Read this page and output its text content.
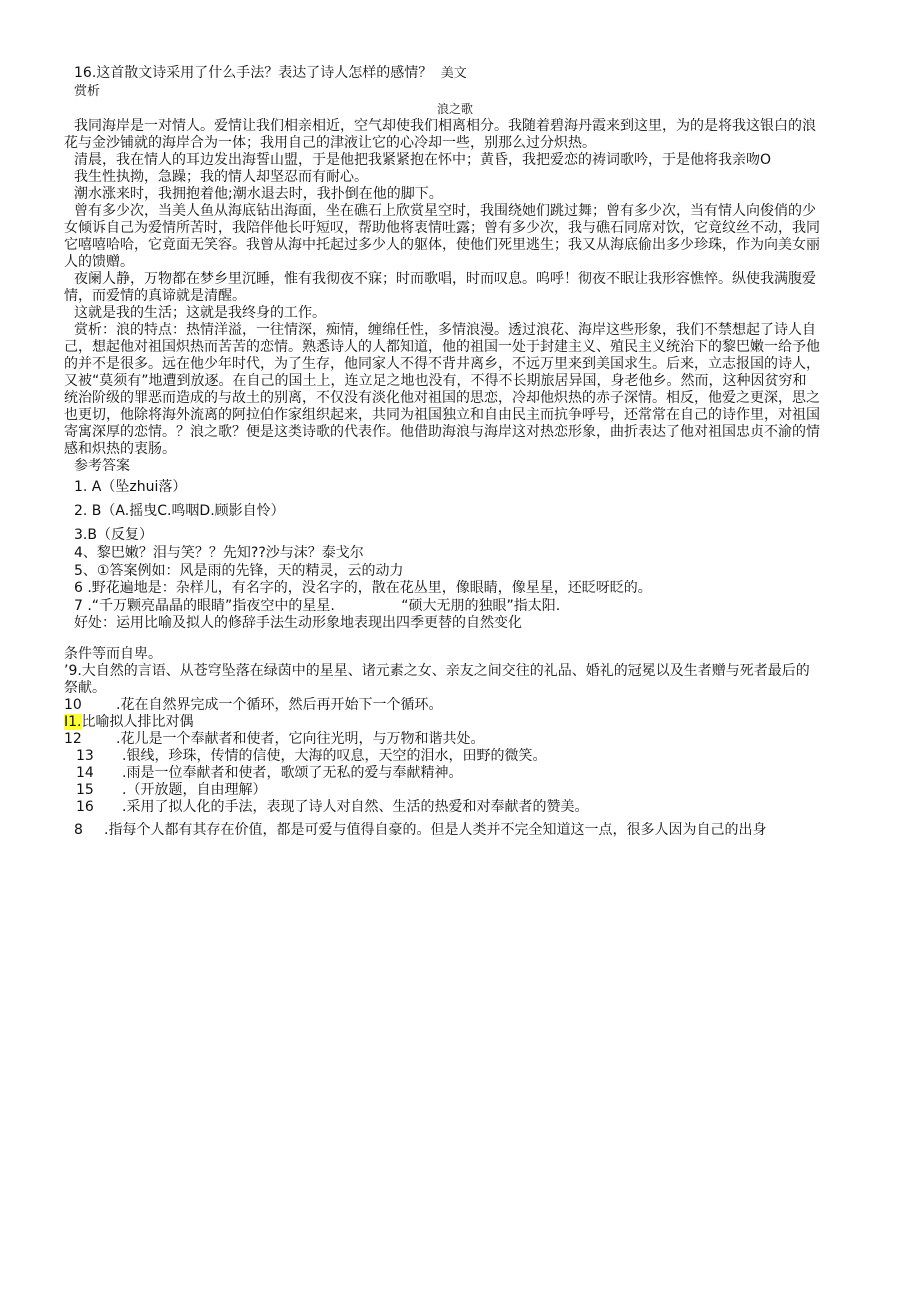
16.这首散文诗采用了什么手法？表达了诗人怎样的感情？ 美文
赏析
浪之歌
我同海岸是一对情人。爱情让我们相亲相近，空气却使我们相离相分。我随着碧海丹霞来到这里，为的是将我这银白的浪
花与金沙铺就的海岸合为一体；我用自己的津液让它的心冷却一些，别那么过分炽热。
清晨，我在情人的耳边发出海誓山盟，于是他把我紧紧抱在怀中；黄昏，我把爱恋的祷词歌吟，于是他将我亲吻O
我生性执拗，急躁；我的情人却坚忍而有耐心。
潮水涨来时，我拥抱着他;潮水退去时，我扑倒在他的脚下。
曾有多少次，当美人鱼从海底钻出海面，坐在礁石上欣赏星空时，我围绕她们跳过舞；曾有多少次，当有情人向俊俏的少
女倾诉自己为爱情所苦时，我陪伴他长吁短叹，帮助他将衷情吐露；曾有多少次，我与礁石同席对饮，它竟纹丝不动，我同
它嘻嘻哈哈，它竟面无笑容。我曾从海中托起过多少人的躯体，使他们死里逃生；我又从海底偷出多少珍珠，作为向美女丽
人的馈赠。
夜阑人静，万物都在梦乡里沉睡，惟有我彻夜不寐；时而歌唱，时而叹息。呜呼！彻夜不眠让我形容憔悴。纵使我满腹爱
情，而爱情的真谛就是清醒。
这就是我的生活；这就是我终身的工作。
赏析：浪的特点：热情洋溢，一往情深，痴情，缠绵任性，多情浪漫。透过浪花、海岸这些形象，我们不禁想起了诗人自
己，想起他对祖国炽热而苦苦的恋情。熟悉诗人的人都知道，他的祖国一处于封建主义、殖民主义统治下的黎巴嫩一给予他
的并不是很多。远在他少年时代，为了生存，他同家人不得不背井离乡，不远万里来到美国求生。后来，立志报国的诗人，
又被“莫须有”地遭到放逐。在自己的国土上，连立足之地也没有，不得不长期旅居异国，身老他乡。然而，这种因贫穷和
统治阶级的罪恶而造成的与故土的别离，不仅没有淡化他对祖国的思恋，冷却他炽热的赤子深情。相反，他爱之更深，思之
也更切，他除将海外流离的阿拉伯作家组织起来，共同为祖国独立和自由民主而抗争呼号，还常常在自己的诗作里，对祖国
寄寓深厚的恋情。？浪之歌？便是这类诗歌的代表作。他借助海浪与海岸这对热恋形象，曲折表达了他对祖国忠贞不渝的情
感和炽热的衷肠。
参考答案
1. A（坠zhui落）
2. B（A.摇曳C.鸣咽D.顾影自怜）
3.B（反复）
4、黎巴嫩？泪与笑？？先知??沙与沫？泰戈尔
5、①答案例如：风是雨的先锋，天的精灵，云的动力
6 .野花遍地是：杂样儿，有名字的，没名字的，散在花丛里，像眼睛，像星星，还眨呀眨的。
7 .“千万颗亮晶晶的眼睛”指夜空中的星星.	“硕大无朋的独眼”指太阳.
好处：运用比喻及拟人的修辞手法生动形象地表现出四季更替的自然变化
条件等而自卑。
’9.大自然的言语、从苍穹坠落在绿茵中的星星、诸元素之女、亲友之间交往的礼品、婚礼的冠冕以及生者赠与死者最后的
祭献。
10 .花在自然界完成一个循环，然后再开始下一个循环。
I1.比喻拟人排比对偶
12 .花儿是一个奉献者和使者，它向往光明，与万物和谐共处。
13 .银线，珍珠，传情的信使，大海的叹息，天空的泪水，田野的微笑。
14 .雨是一位奉献者和使者，歌颂了无私的爱与奉献精神。
15 .（开放题，自由理解）
16 .采用了拟人化的手法，表现了诗人对自然、生活的热爱和对奉献者的赞美。
8 .指每个人都有其存在价值，都是可爱与值得自豪的。但是人类并不完全知道这一点，很多人因为自己的出身
